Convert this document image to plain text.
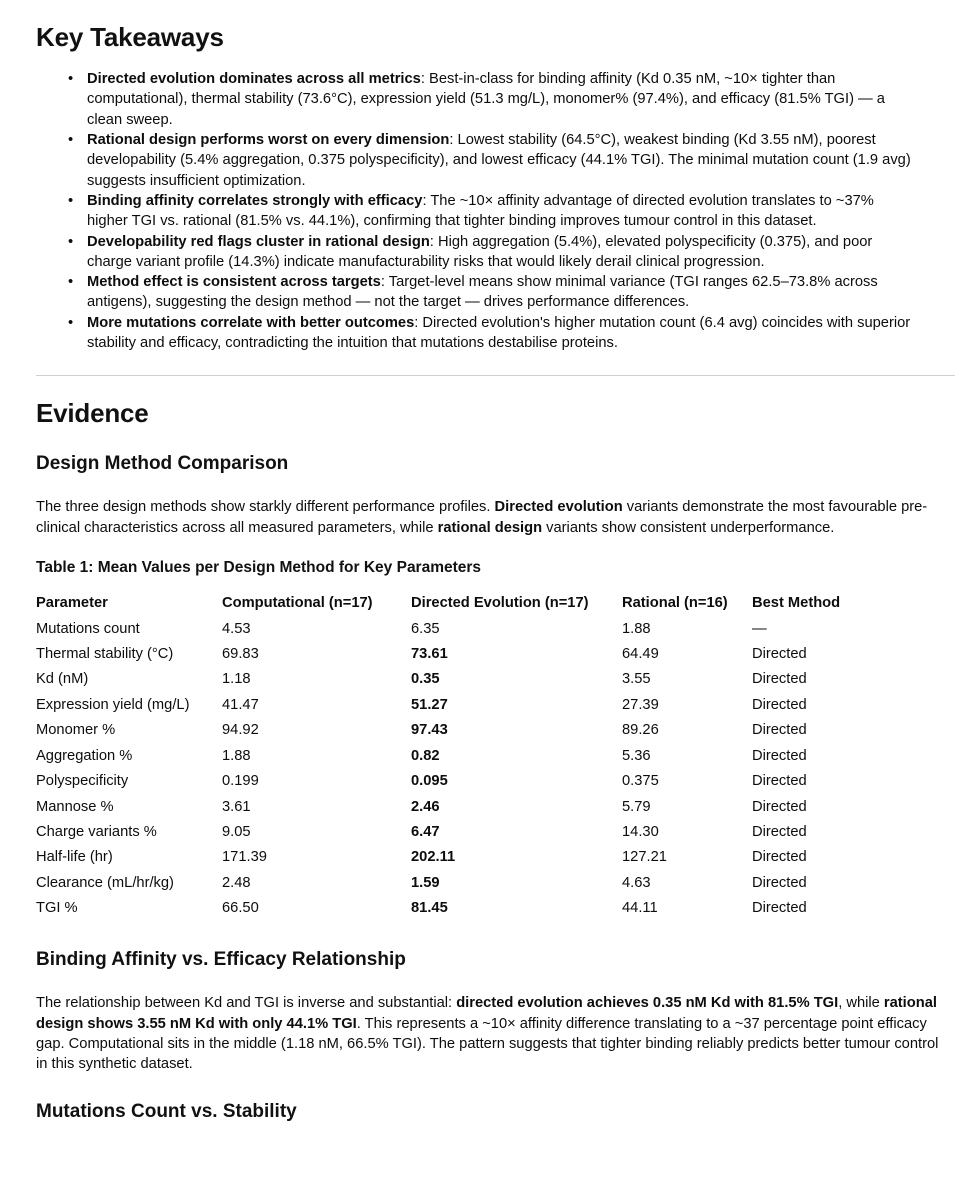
Key Takeaways
• Directed evolution dominates across all metrics: Best-in-class for binding affinity (Kd 0.35 nM, ~10× tighter than computational), thermal stability (73.6°C), expression yield (51.3 mg/L), monomer% (97.4%), and efficacy (81.5% TGI) — a clean sweep.
• Rational design performs worst on every dimension: Lowest stability (64.5°C), weakest binding (Kd 3.55 nM), poorest developability (5.4% aggregation, 0.375 polyspecificity), and lowest efficacy (44.1% TGI). The minimal mutation count (1.9 avg) suggests insufficient optimization.
• Binding affinity correlates strongly with efficacy: The ~10× affinity advantage of directed evolution translates to ~37% higher TGI vs. rational (81.5% vs. 44.1%), confirming that tighter binding improves tumour control in this dataset.
• Developability red flags cluster in rational design: High aggregation (5.4%), elevated polyspecificity (0.375), and poor charge variant profile (14.3%) indicate manufacturability risks that would likely derail clinical progression.
• Method effect is consistent across targets: Target-level means show minimal variance (TGI ranges 62.5–73.8% across antigens), suggesting the design method — not the target — drives performance differences.
• More mutations correlate with better outcomes: Directed evolution's higher mutation count (6.4 avg) coincides with superior stability and efficacy, contradicting the intuition that mutations destabilise proteins.
Evidence
Design Method Comparison

The three design methods show starkly different performance profiles. Directed evolution variants demonstrate the most favourable pre-clinical characteristics across all measured parameters, while rational design variants show consistent underperformance.

Table 1: Mean Values per Design Method for Key Parameters
Parameter	Computational (n=17)	Directed Evolution (n=17)	Rational (n=16)	Best Method
Mutations count	4.53	6.35	1.88	—
Thermal stability (°C)	69.83	73.61	64.49	Directed
Kd (nM)	1.18	0.35	3.55	Directed
Expression yield (mg/L)	41.47	51.27	27.39	Directed
Monomer %	94.92	97.43	89.26	Directed
Aggregation %	1.88	0.82	5.36	Directed
Polyspecificity	0.199	0.095	0.375	Directed
Mannose %	3.61	2.46	5.79	Directed
Charge variants %	9.05	6.47	14.30	Directed
Half-life (hr)	171.39	202.11	127.21	Directed
Clearance (mL/hr/kg)	2.48	1.59	4.63	Directed
TGI %	66.50	81.45	44.11	Directed
Binding Affinity vs. Efficacy Relationship

The relationship between Kd and TGI is inverse and substantial: directed evolution achieves 0.35 nM Kd with 81.5% TGI, while rational design shows 3.55 nM Kd with only 44.1% TGI. This represents a ~10× affinity difference translating to a ~37 percentage point efficacy gap. Computational sits in the middle (1.18 nM, 66.5% TGI). The pattern suggests that tighter binding reliably predicts better tumour control in this synthetic dataset.

Mutations Count vs. Stability
